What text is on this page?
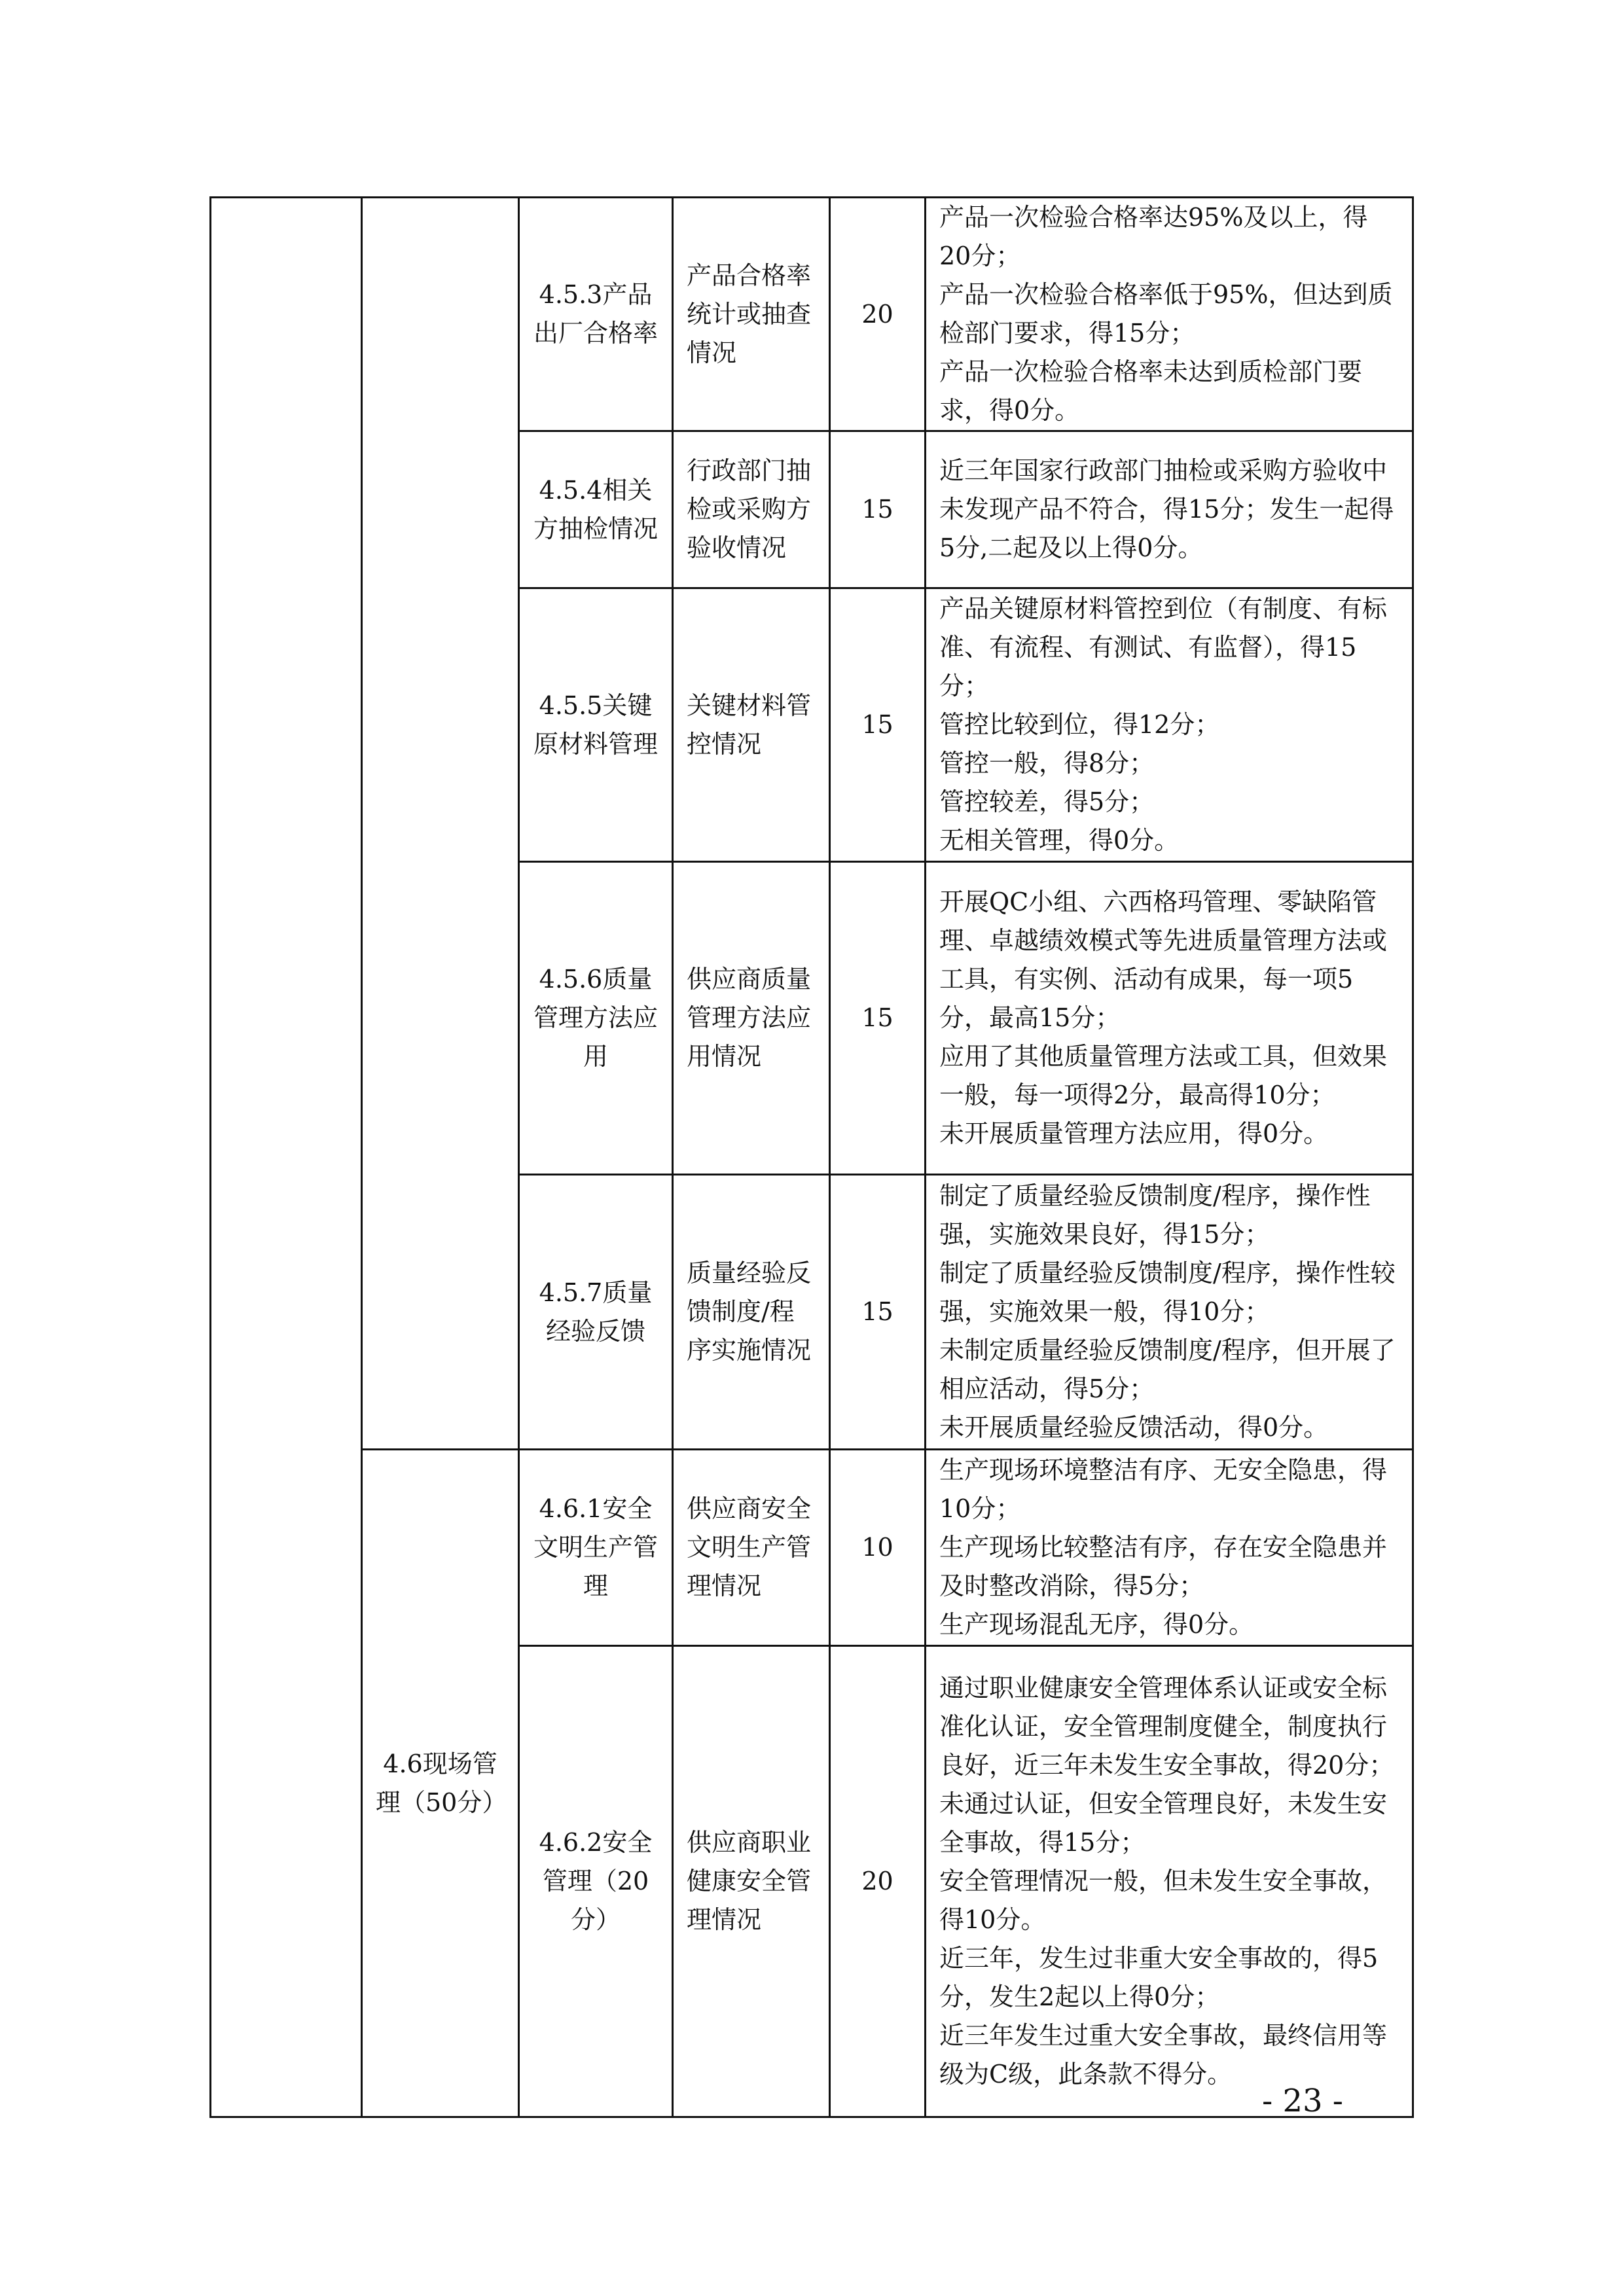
		4.5.3产品出厂合格率	产品合格率统计或抽查情况	20	产品一次检验合格率达95%及以上，得20分；
产品一次检验合格率低于95%，但达到质检部门要求，得15分；
产品一次检验合格率未达到质检部门要求，得0分。

		4.5.4相关方抽检情况	行政部门抽检或采购方验收情况	15	近三年国家行政部门抽检或采购方验收中未发现产品不符合，得15分；发生一起得5分,二起及以上得0分。

		4.5.5关键原材料管理	关键材料管控情况	15	产品关键原材料管控到位（有制度、有标准、有流程、有测试、有监督），得15分；
管控比较到位，得12分；
管控一般，得8分；
管控较差，得5分；
无相关管理，得0分。

		4.5.6质量管理方法应用	供应商质量管理方法应用情况	15	开展QC小组、六西格玛管理、零缺陷管理、卓越绩效模式等先进质量管理方法或工具，有实例、活动有成果，每一项5分，最高15分；
应用了其他质量管理方法或工具，但效果一般，每一项得2分，最高得10分；
未开展质量管理方法应用，得0分。

		4.5.7质量经验反馈	质量经验反馈制度/程序实施情况	15	制定了质量经验反馈制度/程序，操作性强，实施效果良好，得15分；
制定了质量经验反馈制度/程序，操作性较强，实施效果一般，得10分；
未制定质量经验反馈制度/程序，但开展了相应活动，得5分；
未开展质量经验反馈活动，得0分。

	4.6现场管理（50分）	4.6.1安全文明生产管理	供应商安全文明生产管理情况	10	生产现场环境整洁有序、无安全隐患，得10分；
生产现场比较整洁有序，存在安全隐患并及时整改消除，得5分；
生产现场混乱无序，得0分。

		4.6.2安全管理（20分）	供应商职业健康安全管理情况	20	通过职业健康安全管理体系认证或安全标准化认证，安全管理制度健全，制度执行良好，近三年未发生安全事故，得20分；
未通过认证，但安全管理良好，未发生安全事故，得15分；
安全管理情况一般，但未发生安全事故，得10分。
近三年，发生过非重大安全事故的，得5分，发生2起以上得0分；
近三年发生过重大安全事故，最终信用等级为C级，此条款不得分。
- 23 -
